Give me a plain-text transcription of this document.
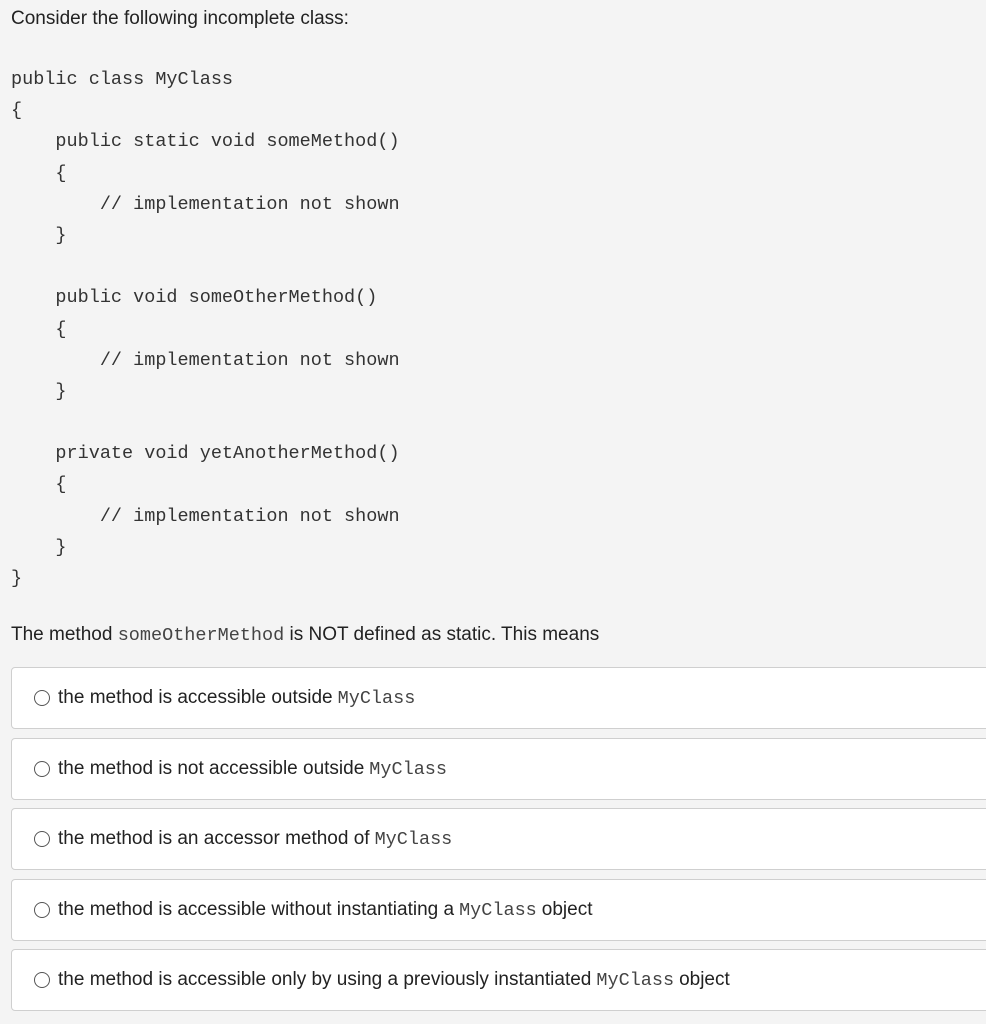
Consider the following incomplete class:
public class MyClass
{
public static void someMethod()
{
// implementation not shown
}
public void someOtherMethod()
{
// implementation not shown
}
private void yetAnotherMethod()
{
// implementation not shown
}
}
The method someOtherMethod is NOT defined as static. This means
the method is accessible outside MyClass
the method is not accessible outside MyClass
the method is an accessor method of MyClass
the method is accessible without instantiating a MyClass object
the method is accessible only by using a previously instantiated MyClass object
